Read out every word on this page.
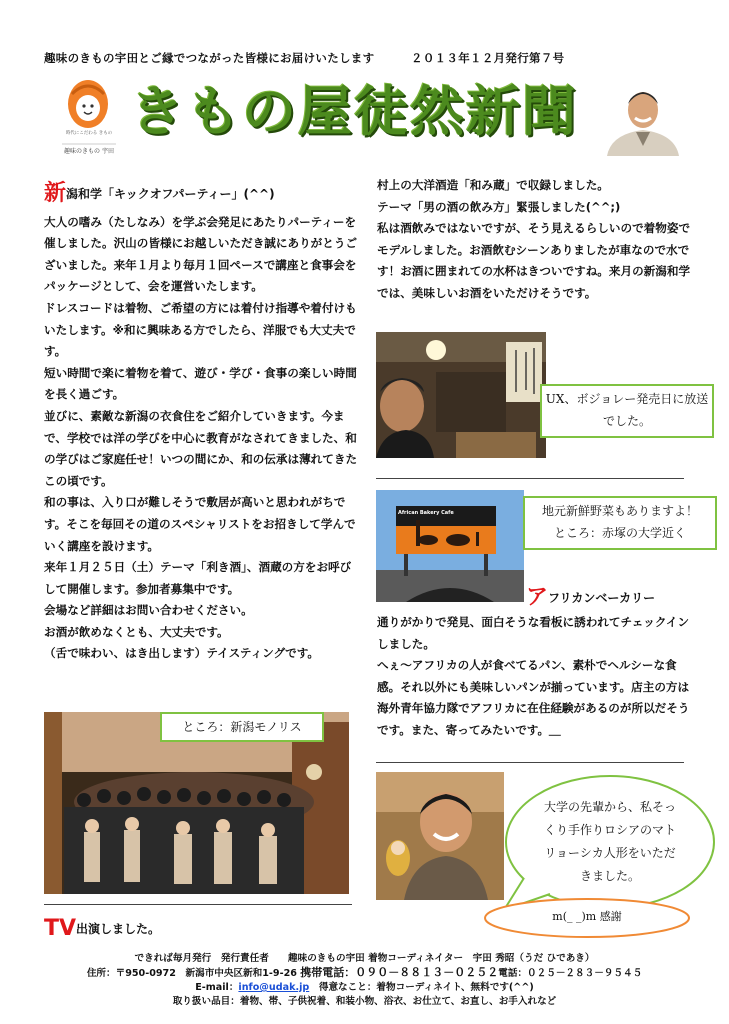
趣味のきもの宇田とご縁でつながった皆様にお届けいたします	２０１３年１２月発行第７号
時代にこだわる きもの
趣味のきもの 宇田
きもの屋徒然新聞
新潟和学「キックオフパーティー」(^^)

大人の嗜み（たしなみ）を学ぶ会発足にあたりパーティーを催しました。沢山の皆様にお越しいただき誠にありがとうございました。来年１月より毎月１回ペースで講座と食事会をパッケージとして、会を運営いたします。

ドレスコードは着物、ご希望の方には着付け指導や着付けもいたします。※和に興味ある方でしたら、洋服でも大丈夫です。

短い時間で楽に着物を着て、遊び・学び・食事の楽しい時間を長く過ごす。

並びに、素敵な新潟の衣食住をご紹介していきます。今まで、学校では洋の学びを中心に教育がなされてきました、和の学びはご家庭任せ！いつの間にか、和の伝承は薄れてきたこの頃です。

和の事は、入り口が難しそうで敷居が高いと思われがちです。そこを毎回その道のスペシャリストをお招きして学んでいく講座を設けます。

来年１月２５日（土）テーマ「利き酒」、酒蔵の方をお呼びして開催します。参加者募集中です。

会場など詳細はお問い合わせください。

お酒が飲めなくとも、大丈夫です。

（舌で味わい、はき出します）テイスティングです。

ところ：新潟モノリス
TV出演しました。

村上の大洋酒造「和み蔵」で収録しました。

テーマ「男の酒の飲み方」緊張しました(^^;)

私は酒飲みではないですが、そう見えるらしいので着物姿でモデルしました。お酒飲むシーンありましたが車なので水です！お酒に囲まれての水杯はきついですね。来月の新潟和学では、美味しいお酒をいただけそうです。

UX、ボジョレー発売日に放送でした。
African Bakery Cafe	地元新鮮野菜もありますよ！
ところ：赤塚の大学近く
アフリカンベーカリー

通りがかりで発見、面白そうな看板に誘われてチェックインしました。

へぇ～アフリカの人が食べてるパン、素朴でヘルシーな食感。それ以外にも美味しいパンが揃っています。店主の方は海外青年協力隊でアフリカに在住経験があるのが所以だそうです。また、寄ってみたいです。＿

大学の先輩から、私そっくり手作りロシアのマトリョーシカ人形をいただきました。
m(_ _)m 感謝
できれば毎月発行　発行責任者　　趣味のきもの宇田 着物コーディネイター　宇田 秀昭（うだ ひであき）
住所：〒950-0972　新潟市中央区新和1-9-26 携帯電話：０９０－８８１３－０２５２電話：０２５－２８３－９５４５
E-mail：info@udak.jp　得意なこと：着物コーディネイト、無料です(^^)
取り扱い品目：着物、帯、子供祝着、和装小物、浴衣、お仕立て、お直し、お手入れなど
